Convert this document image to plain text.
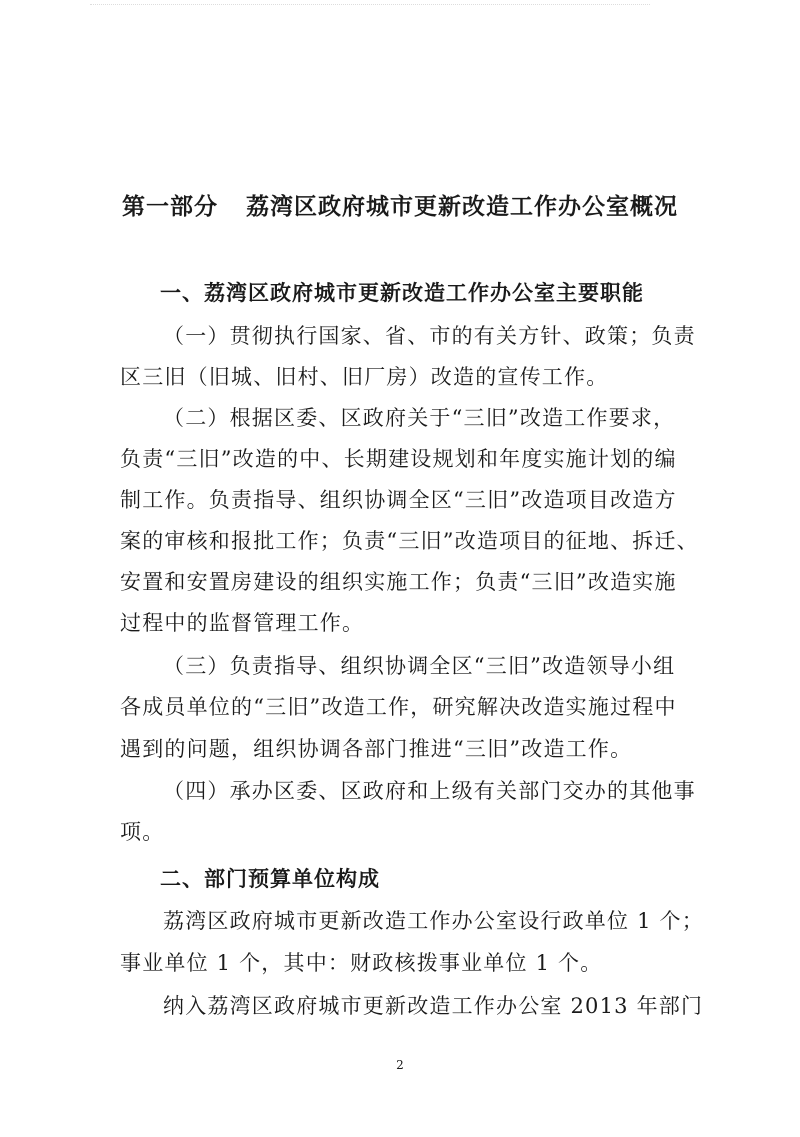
第一部分 荔湾区政府城市更新改造工作办公室概况
一、荔湾区政府城市更新改造工作办公室主要职能
（一）贯彻执行国家、省、市的有关方针、政策；负责
区三旧（旧城、旧村、旧厂房）改造的宣传工作。
（二）根据区委、区政府关于“三旧”改造工作要求，
负责“三旧”改造的中、长期建设规划和年度实施计划的编
制工作。负责指导、组织协调全区“三旧”改造项目改造方
案的审核和报批工作；负责“三旧”改造项目的征地、拆迁、
安置和安置房建设的组织实施工作；负责“三旧”改造实施
过程中的监督管理工作。
（三）负责指导、组织协调全区“三旧”改造领导小组
各成员单位的“三旧”改造工作，研究解决改造实施过程中
遇到的问题，组织协调各部门推进“三旧”改造工作。
（四）承办区委、区政府和上级有关部门交办的其他事
项。
二、部门预算单位构成
荔湾区政府城市更新改造工作办公室设行政单位 1 个；
事业单位 1 个，其中：财政核拨事业单位 1 个。
纳入荔湾区政府城市更新改造工作办公室 2013 年部门
2
